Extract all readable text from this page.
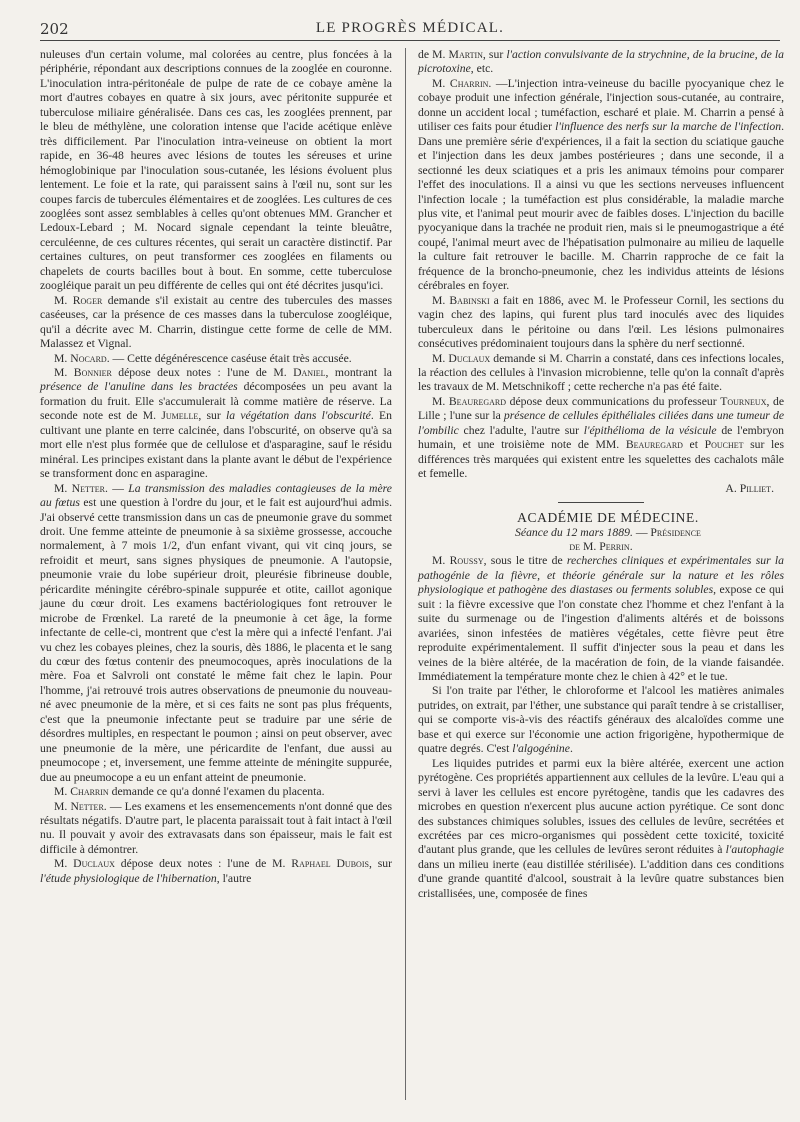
202	LE PROGRÈS MÉDICAL.

nuleuses d'un certain volume, mal colorées au centre, plus foncées à la périphérie, répondant aux descriptions connues de la zooglée en couronne. L'inoculation intra-péritonéale de pulpe de rate de ce cobaye amène la mort d'autres cobayes en quatre à six jours, avec péritonite suppurée et tuberculose miliaire généralisée. Dans ces cas, les zooglées prennent, par le bleu de méthylène, une coloration intense que l'acide acétique enlève très difficilement. Par l'inoculation intra-veineuse on obtient la mort rapide, en 36-48 heures avec lésions de toutes les séreuses et urine hémoglobinique par l'inoculation sous-cutanée, les lésions évoluent plus lentement. Le foie et la rate, qui paraissent sains à l'œil nu, sont sur les coupes farcis de tubercules élémentaires et de zooglées. Les cultures de ces zooglées sont assez semblables à celles qu'ont obtenues MM. Grancher et Ledoux-Lebard ; M. Nocard signale cependant la teinte bleuâtre, cerculéenne, de ces cultures récentes, qui serait un caractère distinctif. Par certaines cultures, on peut transformer ces zooglées en filaments ou chapelets de courts bacilles bout à bout. En somme, cette tuberculose zoogléique parait un peu différente de celles qui ont été décrites jusqu'ici.

M. Roger demande s'il existait au centre des tubercules des masses caséeuses, car la présence de ces masses dans la tuberculose zoogléique, qu'il a décrite avec M. Charrin, distingue cette forme de celle de MM. Malassez et Vignal.

M. Nocard. — Cette dégénérescence caséuse était très accusée.

M. Bonnier dépose deux notes : l'une de M. Daniel, montrant la présence de l'anuline dans les bractées décomposées un peu avant la formation du fruit. Elle s'accumulerait là comme matière de réserve. La seconde note est de M. Jumelle, sur la végétation dans l'obscurité. En cultivant une plante en terre calcinée, dans l'obscurité, on observe qu'à sa mort elle n'est plus formée que de cellulose et d'asparagine, sauf le résidu minéral. Les principes existant dans la plante avant le début de l'expérience se transforment donc en asparagine.

M. Netter. — La transmission des maladies contagieuses de la mère au fœtus est une question à l'ordre du jour, et le fait est aujourd'hui admis. J'ai observé cette transmission dans un cas de pneumonie grave du sommet droit. Une femme atteinte de pneumonie à sa sixième grossesse, accouche normalement, à 7 mois 1/2, d'un enfant vivant, qui vit cinq jours, se refroidit et meurt, sans signes physiques de pneumonie. A l'autopsie, pneumonie vraie du lobe supérieur droit, pleurésie fibrineuse double, péricardite méningite cérébro-spinale suppurée et otite, caillot agonique jaune du cœur droit. Les examens bactériologiques font retrouver le microbe de Frœnkel. La rareté de la pneumonie à cet âge, la forme infectante de celle-ci, montrent que c'est la mère qui a infecté l'enfant. J'ai vu chez les cobayes pleines, chez la souris, dès 1886, le placenta et le sang du cœur des fœtus contenir des pneumocoques, après inoculations de la mère. Foa et Salvroli ont constaté le même fait chez le lapin. Pour l'homme, j'ai retrouvé trois autres observations de pneumonie du nouveau-né avec pneumonie de la mère, et si ces faits ne sont pas plus fréquents, c'est que la pneumonie infectante peut se traduire par une série de désordres multiples, en respectant le poumon ; ainsi on peut observer, avec une pneumonie de la mère, une péricardite de l'enfant, due aussi au pneumocope ; et, inversement, une femme atteinte de méningite suppurée, due au pneumocope a eu un enfant atteint de pneumonie.

M. Charrin demande ce qu'a donné l'examen du placenta.

M. Netter. — Les examens et les ensemencements n'ont donné que des résultats négatifs. D'autre part, le placenta paraissait tout à fait intact à l'œil nu. Il pouvait y avoir des extravasats dans son épaisseur, mais le fait est difficile à démontrer.

M. Duclaux dépose deux notes : l'une de M. Raphael Dubois, sur l'étude physiologique de l'hibernation, l'autre

de M. Martin, sur l'action convulsivante de la strychnine, de la brucine, de la picrotoxine, etc.

M. Charrin. —L'injection intra-veineuse du bacille pyocyanique chez le cobaye produit une infection générale, l'injection sous-cutanée, au contraire, donne un accident local ; tuméfaction, escharé et plaie. M. Charrin a pensé à utiliser ces faits pour étudier l'influence des nerfs sur la marche de l'infection. Dans une première série d'expériences, il a fait la section du sciatique gauche et l'injection dans les deux jambes postérieures ; dans une seconde, il a sectionné les deux sciatiques et a pris les animaux témoins pour comparer l'effet des inoculations. Il a ainsi vu que les sections nerveuses influencent l'infection locale ; la tuméfaction est plus considérable, la maladie marche plus vite, et l'animal peut mourir avec de faibles doses. L'injection du bacille pyocyanique dans la trachée ne produit rien, mais si le pneumogastrique a été coupé, l'animal meurt avec de l'hépatisation pulmonaire au milieu de laquelle la culture fait retrouver le bacille. M. Charrin rapproche de ce fait la fréquence de la broncho-pneumonie, chez les individus atteints de lésions cérébrales en foyer.

M. Babinski a fait en 1886, avec M. le Professeur Cornil, les sections du vagin chez des lapins, qui furent plus tard inoculés avec des liquides tuberculeux dans le péritoine ou dans l'œil. Les lésions pulmonaires consécutives prédominaient toujours dans la sphère du nerf sectionné.

M. Duclaux demande si M. Charrin a constaté, dans ces infections locales, la réaction des cellules à l'invasion microbienne, telle qu'on la connaît d'après les travaux de M. Metschnikoff ; cette recherche n'a pas été faite.

M. Beauregard dépose deux communications du professeur Tourneux, de Lille ; l'une sur la présence de cellules épithéliales ciliées dans une tumeur de l'ombilic chez l'adulte, l'autre sur l'épithélioma de la vésicule de l'embryon humain, et une troisième note de MM. Beauregard et Pouchet sur les différences très marquées qui existent entre les squelettes des cachalots mâle et femelle.

A. Pilliet.

ACADÉMIE DE MÉDECINE.

Séance du 12 mars 1889. — Présidence
de M. Perrin.

M. Roussy, sous le titre de recherches cliniques et expérimentales sur la pathogénie de la fièvre, et théorie générale sur la nature et les rôles physiologique et pathogène des diastases ou ferments solubles, expose ce qui suit : la fièvre excessive que l'on constate chez l'homme et chez l'enfant à la suite du surmenage ou de l'ingestion d'aliments altérés et de boissons avariées, sinon infestées de matières végétales, cette fièvre peut être reproduite expérimentalement. Il suffit d'injecter sous la peau et dans les veines de la bière altérée, de la macération de foin, de la viande faisandée. Immédiatement la température monte chez le chien à 42° et le tue.

Si l'on traite par l'éther, le chloroforme et l'alcool les matières animales putrides, on extrait, par l'éther, une substance qui paraît tendre à se cristalliser, qui se comporte vis-à-vis des réactifs généraux des alcaloïdes comme une base et qui exerce sur l'économie une action frigorigène, hypothermique de quatre degrés. C'est l'algogénine.

Les liquides putrides et parmi eux la bière altérée, exercent une action pyrétogène. Ces propriétés appartiennent aux cellules de la levûre. L'eau qui a servi à laver les cellules est encore pyrétogène, tandis que les cadavres des microbes en question n'exercent plus aucune action pyrétique. Ce sont donc des substances chimiques solubles, issues des cellules de levûre, secrétées et excrétées par ces micro-organismes qui possèdent cette toxicité, toxicité d'autant plus grande, que les cellules de levûres seront réduites à l'autophagie dans un milieu inerte (eau distillée stérilisée). L'addition dans ces conditions d'une grande quantité d'alcool, soustrait à la levûre quatre substances bien cristallisées, une, composée de fines
